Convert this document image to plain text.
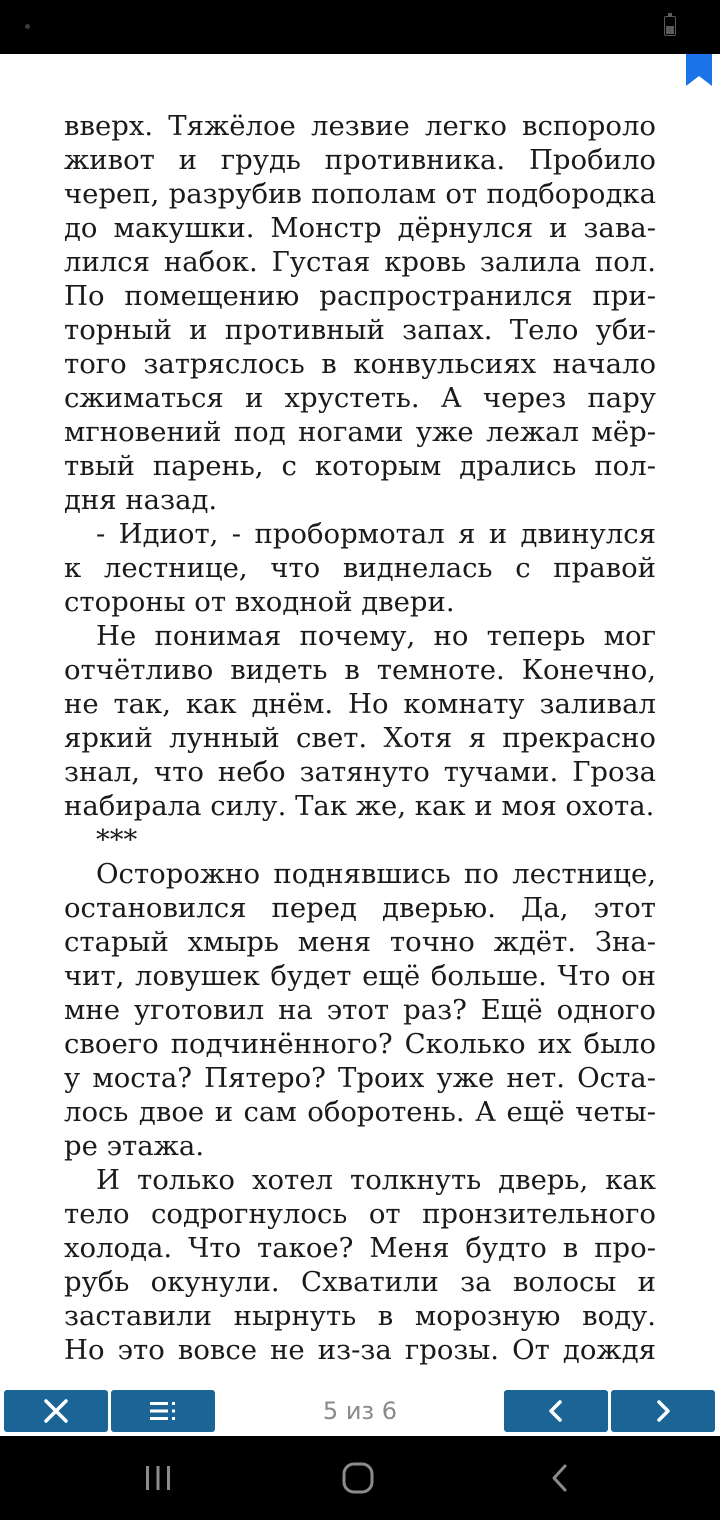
вверх. Тяжёлое лезвие легко вспороло
живот и грудь противника. Пробило
череп, разрубив пополам от подбородка
до макушки. Монстр дёрнулся и зава-
лился набок. Густая кровь залила пол.
По помещению распространился при-
торный и противный запах. Тело уби-
того затряслось в конвульсиях начало
сжиматься и хрустеть. А через пару
мгновений под ногами уже лежал мёр-
твый парень, с которым дрались пол-
дня назад.
- Идиот, - пробормотал я и двинулся
к лестнице, что виднелась с правой
стороны от входной двери.
Не понимая почему, но теперь мог
отчётливо видеть в темноте. Конечно,
не так, как днём. Но комнату заливал
яркий лунный свет. Хотя я прекрасно
знал, что небо затянуто тучами. Гроза
набирала силу. Так же, как и моя охота.
***
Осторожно поднявшись по лестнице,
остановился перед дверью. Да, этот
старый хмырь меня точно ждёт. Зна-
чит, ловушек будет ещё больше. Что он
мне уготовил на этот раз? Ещё одного
своего подчинённого? Сколько их было
у моста? Пятеро? Троих уже нет. Оста-
лось двое и сам оборотень. А ещё четы-
ре этажа.
И только хотел толкнуть дверь, как
тело содрогнулось от пронзительного
холода. Что такое? Меня будто в про-
рубь окунули. Схватили за волосы и
заставили нырнуть в морозную воду.
Но это вовсе не из-за грозы. От дождя
5 из 6
